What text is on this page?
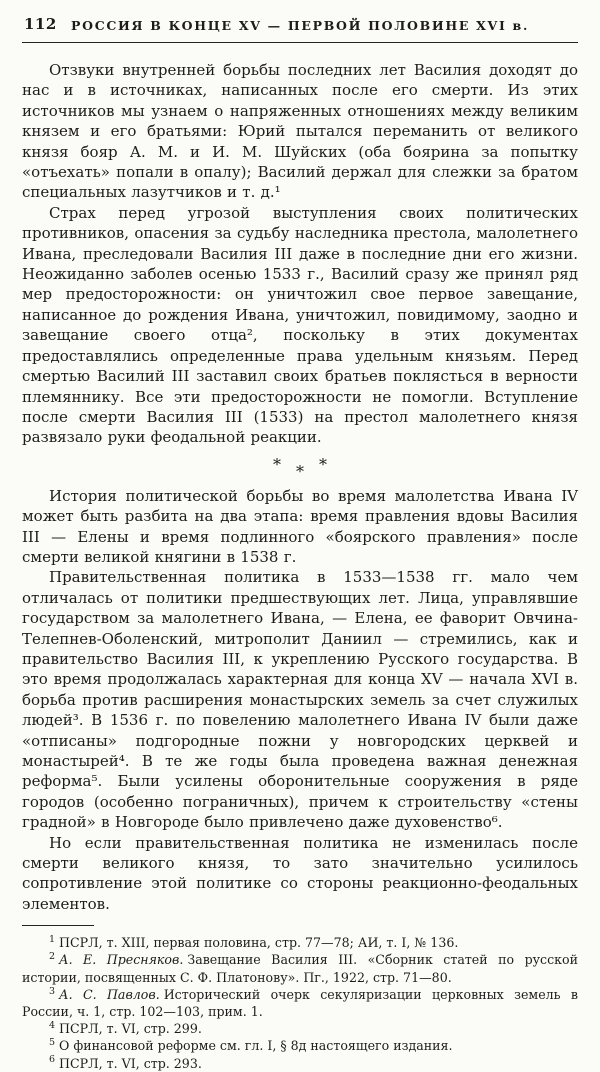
112	РОССИЯ В КОНЦЕ XV — ПЕРВОЙ ПОЛОВИНЕ XVI в.

Отзвуки внутренней борьбы последних лет Василия доходят до нас и в источниках, написанных после его смерти. Из этих источников мы узнаем о напряженных отношениях между великим князем и его братьями: Юрий пытался переманить от великого князя бояр А. М. и И. М. Шуйских (оба боярина за попытку «отъехать» попали в опалу); Василий держал для слежки за братом специальных лазутчиков и т. д.¹

Страх перед угрозой выступления своих политических противников, опасения за судьбу наследника престола, малолетнего Ивана, преследовали Василия III даже в последние дни его жизни. Неожиданно заболев осенью 1533 г., Василий сразу же принял ряд мер предосторожности: он уничтожил свое первое завещание, написанное до рождения Ивана, уничтожил, повидимому, заодно и завещание своего отца², поскольку в этих документах предоставлялись определенные права удельным князьям. Перед смертью Василий III заставил своих братьев поклясться в верности племяннику. Все эти предосторожности не помогли. Вступление после смерти Василия III (1533) на престол малолетнего князя развязало руки феодальной реакции.

* * *

История политической борьбы во время малолетства Ивана IV может быть разбита на два этапа: время правления вдовы Василия III — Елены и время подлинного «боярского правления» после смерти великой княгини в 1538 г.

Правительственная политика в 1533—1538 гг. мало чем отличалась от политики предшествующих лет. Лица, управлявшие государством за малолетнего Ивана, — Елена, ее фаворит Овчина-Телепнев-Оболенский, митрополит Даниил — стремились, как и правительство Василия III, к укреплению Русского государства. В это время продолжалась характерная для конца XV — начала XVI в. борьба против расширения монастырских земель за счет служилых людей³. В 1536 г. по повелению малолетнего Ивана IV были даже «отписаны» подгородные пожни у новгородских церквей и монастырей⁴. В те же годы была проведена важная денежная реформа⁵. Были усилены оборонительные сооружения в ряде городов (особенно пограничных), причем к строительству «стены градной» в Новгороде было привлечено даже духовенство⁶.

Но если правительственная политика не изменилась после смерти великого князя, то зато значительно усилилось сопротивление этой политике со стороны реакционно-феодальных элементов.

$^1$ ПСРЛ, т. XIII, первая половина, стр. 77—78; АИ, т. I, № 136.

$^2$ А. Е. Пресняков. Завещание Василия III. «Сборник статей по русской истории, посвященных С. Ф. Платонову». Пг., 1922, стр. 71—80.

$^3$ А. С. Павлов. Исторический очерк секуляризации церковных земель в России, ч. 1, стр. 102—103, прим. 1.

$^4$ ПСРЛ, т. VI, стр. 299.

$^5$ О финансовой реформе см. гл. I, § 8д настоящего издания.

$^6$ ПСРЛ, т. VI, стр. 293.
